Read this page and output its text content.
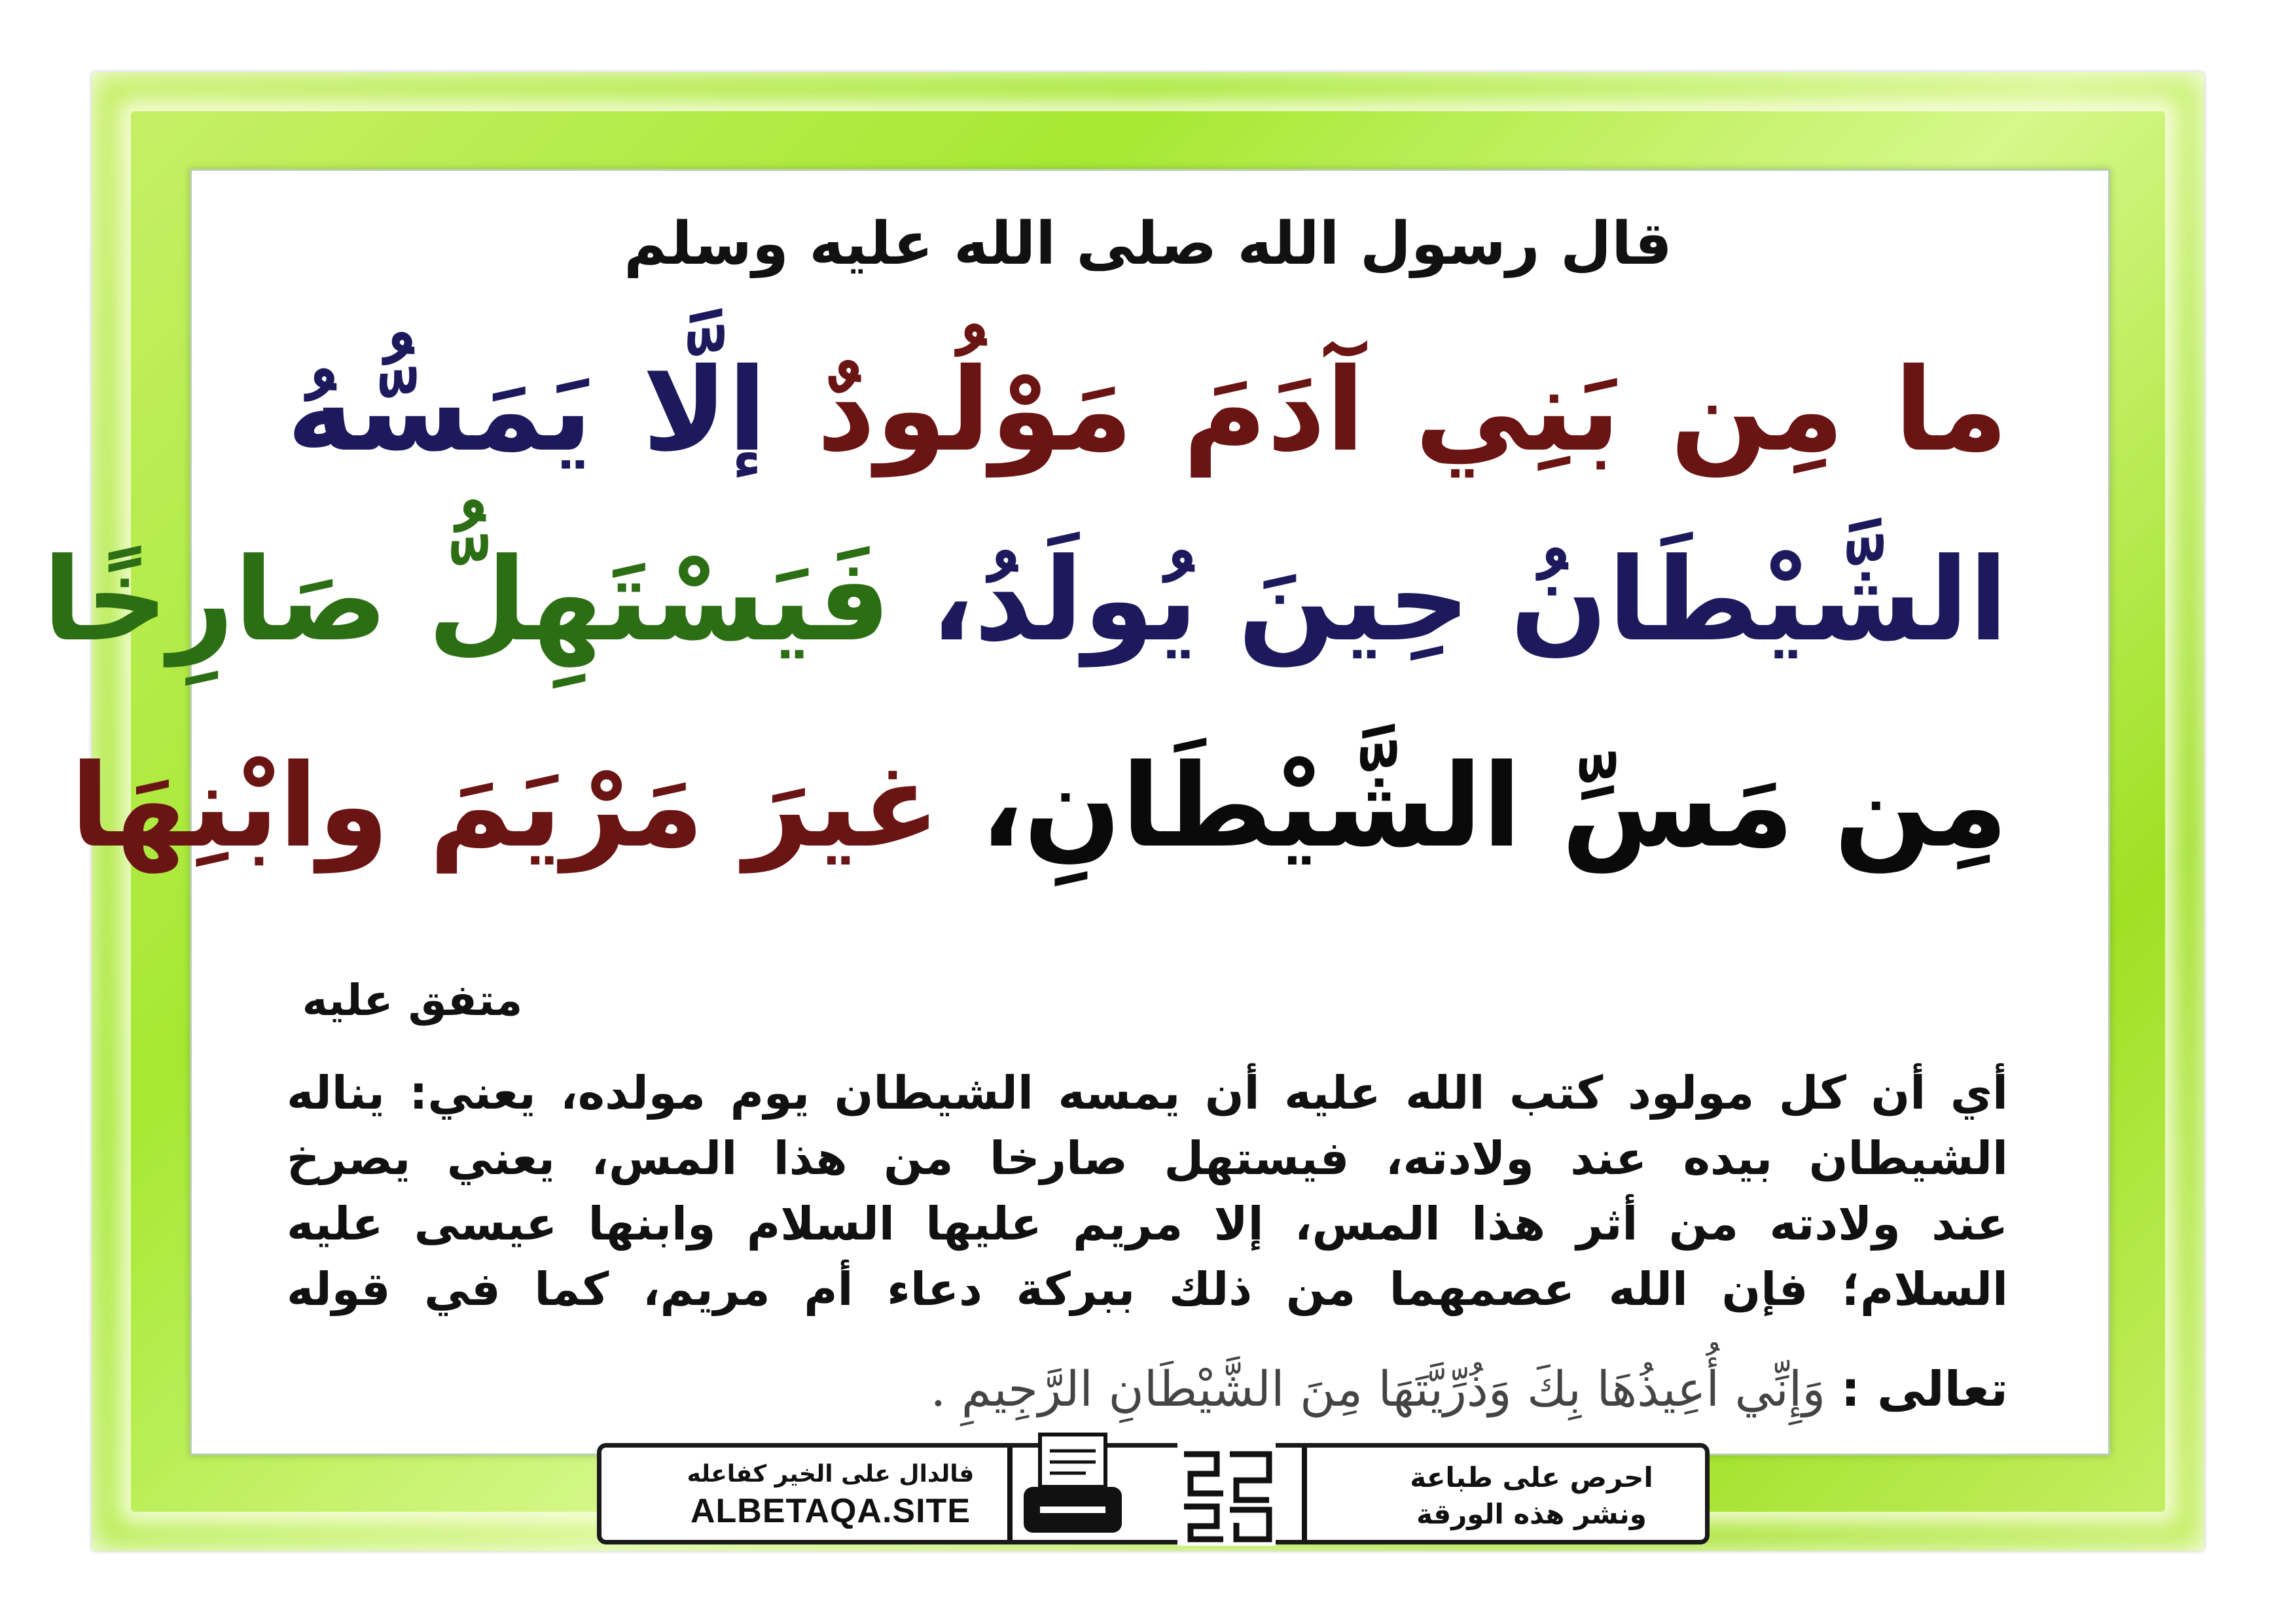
قال رسول الله صلى الله عليه وسلم
ما مِن بَنِي آدَمَ مَوْلُودٌ إلَّا يَمَسُّهُ
الشَّيْطَانُ حِينَ يُولَدُ، فَيَسْتَهِلُّ صَارِخًا
مِن مَسِّ الشَّيْطَانِ، غيرَ مَرْيَمَ وابْنِهَا
متفق عليه
أي أن كل مولود كتب الله عليه أن يمسه الشيطان يوم مولده، يعني: يناله
الشيطان بيده عند ولادته، فيستهل صارخا من هذا المس، يعني يصرخ
عند ولادته من أثر هذا المس، إلا مريم عليها السلام وابنها عيسى عليه
السلام؛ فإن الله عصمهما من ذلك ببركة دعاء أم مريم، كما في قوله
تعالى : وَإِنِّي أُعِيذُهَا بِكَ وَذُرِّيَّتَهَا مِنَ الشَّيْطَانِ الرَّجِيمِ .
فالدال على الخير كفاعله
ALBETAQA.SITE
احرص على طباعة
ونشر هذه الورقة
